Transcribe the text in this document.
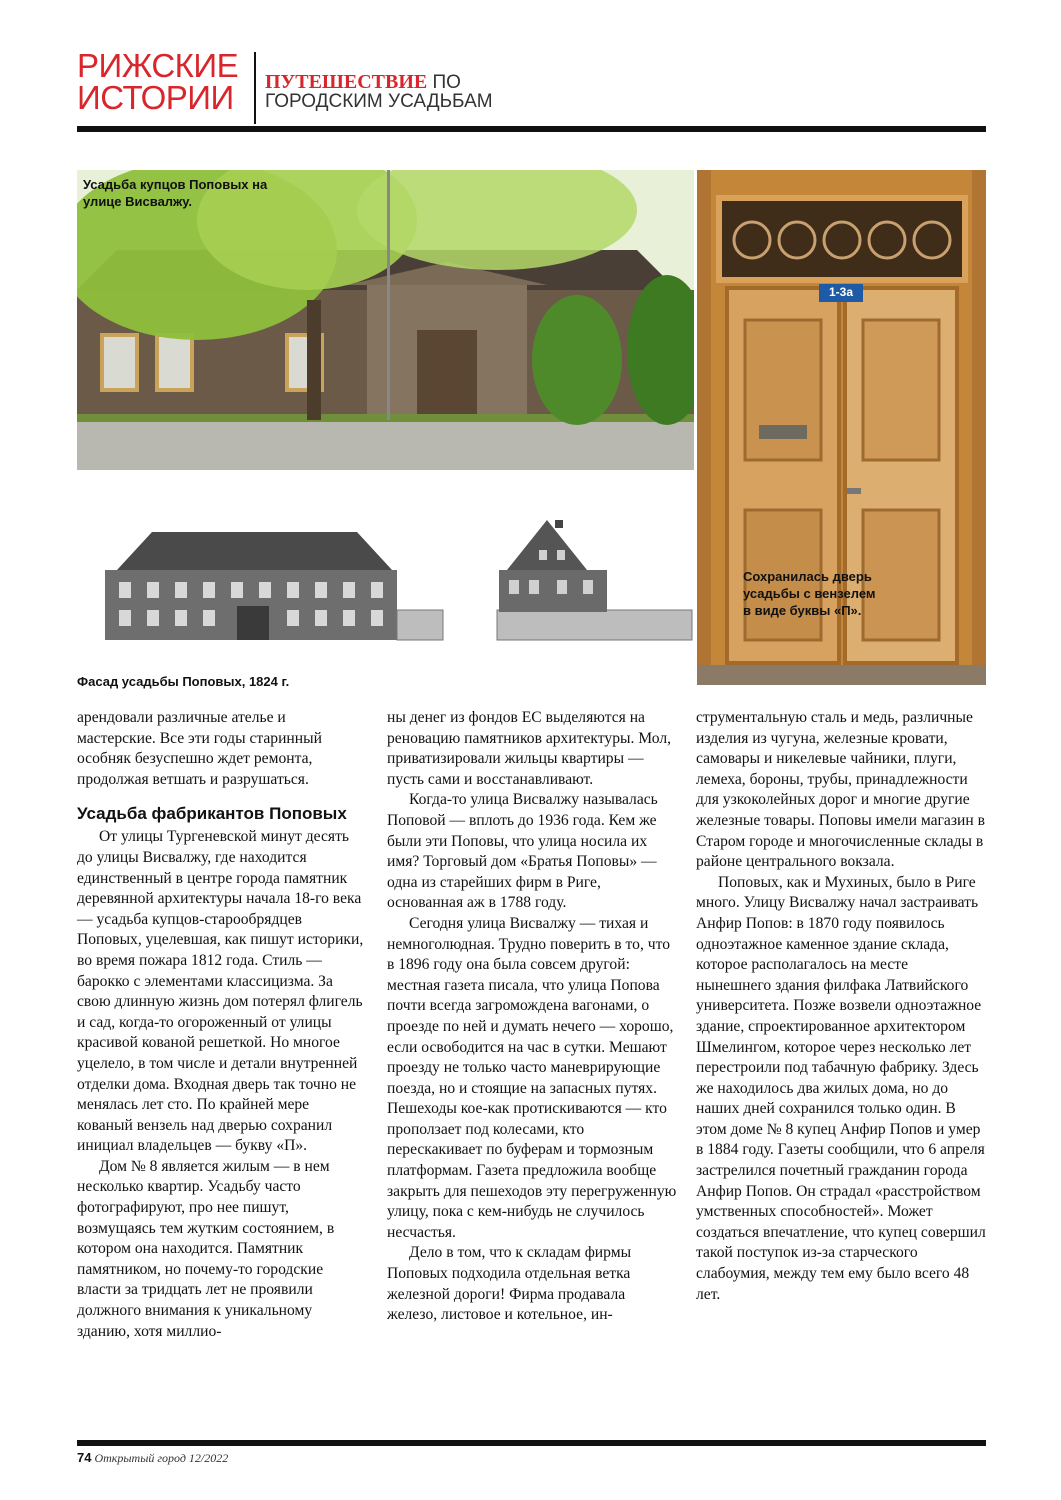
РИЖСКИЕ
ИСТОРИИ	ПУТЕШЕСТВИЕ ПО
ГОРОДСКИМ УСАДЬБАМ
Усадьба купцов Поповых на улице Висвалжу.
Фасад усадьбы Поповых, 1824 г.
1-3a
Сохранилась дверь усадьбы с вензелем в виде буквы «П».

арендовали различные ателье и мастерские. Все эти годы старинный особняк безуспешно ждет ремонта, продолжая ветшать и разрушаться.

Усадьба фабрикантов Поповых

От улицы Тургеневской минут десять до улицы Висвалжу, где находится единственный в центре города памятник деревянной архитектуры начала 18-го века — усадьба купцов-старообрядцев Поповых, уцелевшая, как пишут историки, во время пожара 1812 года. Стиль — барокко с элементами классицизма. За свою длинную жизнь дом потерял флигель и сад, когда-то огороженный от улицы красивой кованой решеткой. Но многое уцелело, в том числе и детали внутренней отделки дома. Входная дверь так точно не менялась лет сто. По крайней мере кованый вензель над дверью сохранил инициал владельцев — букву «П».

Дом № 8 является жилым — в нем несколько квартир. Усадьбу часто фотографируют, про нее пишут, возмущаясь тем жутким состоянием, в котором она находится. Памятник памятником, но почему-то городские власти за тридцать лет не проявили должного внимания к уникальному зданию, хотя миллио-

ны денег из фондов ЕС выделяются на реновацию памятников архитектуры. Мол, приватизировали жильцы квартиры — пусть сами и восстанавливают.

Когда-то улица Висвалжу называлась Поповой — вплоть до 1936 года. Кем же были эти Поповы, что улица носила их имя? Торговый дом «Братья Поповы» — одна из старейших фирм в Риге, основанная аж в 1788 году.

Сегодня улица Висвалжу — тихая и немноголюдная. Трудно поверить в то, что в 1896 году она была совсем другой: местная газета писала, что улица Попова почти всегда загромождена вагонами, о проезде по ней и думать нечего — хорошо, если освободится на час в сутки. Мешают проезду не только часто маневрирующие поезда, но и стоящие на запасных путях. Пешеходы кое-как протискиваются — кто проползает под колесами, кто перескакивает по буферам и тормозным платформам. Газета предложила вообще закрыть для пешеходов эту перегруженную улицу, пока с кем-нибудь не случилось несчастья.

Дело в том, что к складам фирмы Поповых подходила отдельная ветка железной дороги! Фирма продавала железо, листовое и котельное, ин-

струментальную сталь и медь, различные изделия из чугуна, железные кровати, самовары и никелевые чайники, плуги, лемеха, бороны, трубы, принадлежности для узкоколейных дорог и многие другие железные товары. Поповы имели магазин в Старом городе и многочисленные склады в районе центрального вокзала.

Поповых, как и Мухиных, было в Риге много. Улицу Висвалжу начал застраивать Анфир Попов: в 1870 году появилось одноэтажное каменное здание склада, которое располагалось на месте нынешнего здания филфака Латвийского университета. Позже возвели одноэтажное здание, спроектированное архитектором Шмелингом, которое через несколько лет перестроили под табачную фабрику. Здесь же находилось два жилых дома, но до наших дней сохранился только один. В этом доме № 8 купец Анфир Попов и умер в 1884 году. Газеты сообщили, что 6 апреля застрелился почетный гражданин города Анфир Попов. Он страдал «расстройством умственных способностей». Может создаться впечатление, что купец совершил такой поступок из-за старческого слабоумия, между тем ему было всего 48 лет.

74 Открытый город 12/2022
